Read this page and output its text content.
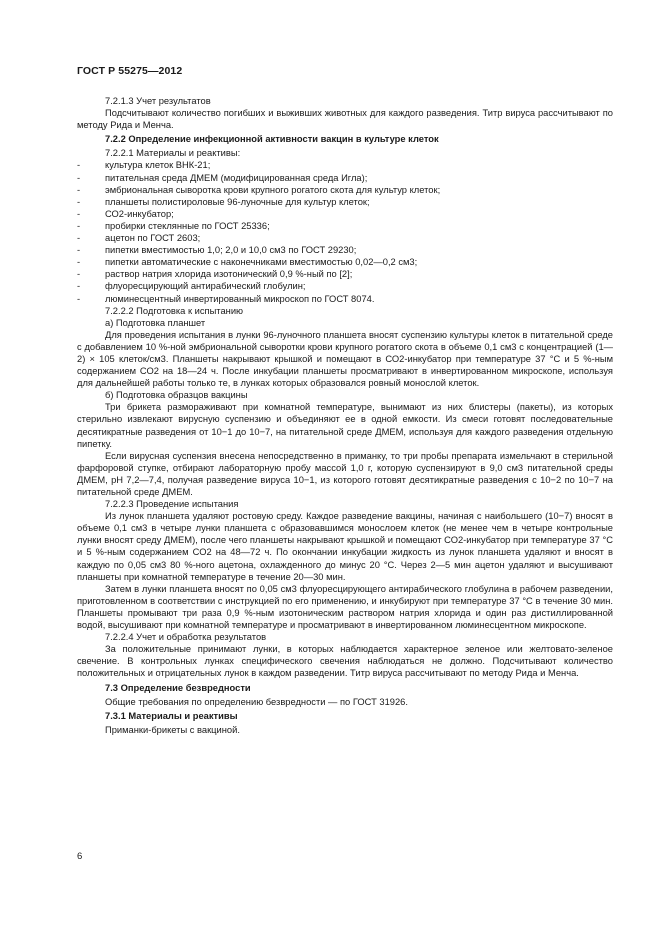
ГОСТ Р 55275—2012

7.2.1.3 Учет результатов

Подсчитывают количество погибших и выживших животных для каждого разведения. Титр вируса рассчитывают по методу Рида и Менча.

7.2.2 Определение инфекционной активности вакцин в культуре клеток

7.2.2.1 Материалы и реактивы:

-	культура клеток ВНК-21;

-	питательная среда ДМЕМ (модифицированная среда Игла);

-	эмбриональная сыворотка крови крупного рогатого скота для культур клеток;

-	планшеты полистироловые 96-луночные для культур клеток;

-	СО2-инкубатор;

-	пробирки стеклянные по ГОСТ 25336;

-	ацетон по ГОСТ 2603;

-	пипетки вместимостью 1,0; 2,0 и 10,0 см3 по ГОСТ 29230;

-	пипетки автоматические с наконечниками вместимостью 0,02—0,2 см3;

-	раствор натрия хлорида изотонический 0,9 %-ный по [2];

-	флуоресцирующий антирабический глобулин;

-	люминесцентный инвертированный микроскоп по ГОСТ 8074.

7.2.2.2 Подготовка к испытанию

а) Подготовка планшет

Для проведения испытания в лунки 96-луночного планшета вносят суспензию культуры клеток в питательной среде с добавлением 10 %-ной эмбриональной сыворотки крови крупного рогатого скота в объеме 0,1 см3 с концентрацией (1—2) × 105 клеток/см3. Планшеты накрывают крышкой и помещают в СО2-инкубатор при температуре 37 °С и 5 %-ным содержанием СО2 на 18—24 ч. После инкубации планшеты просматривают в инвертированном микроскопе, используя для дальнейшей работы только те, в лунках которых образовался ровный монослой клеток.

б) Подготовка образцов вакцины

Три брикета размораживают при комнатной температуре, вынимают из них блистеры (пакеты), из которых стерильно извлекают вирусную суспензию и объединяют ее в одной емкости. Из смеси готовят последовательные десятикратные разведения от 10−1 до 10−7, на питательной среде ДМЕМ, используя для каждого разведения отдельную пипетку.

Если вирусная суспензия внесена непосредственно в приманку, то три пробы препарата измельчают в стерильной фарфоровой ступке, отбирают лабораторную пробу массой 1,0 г, которую суспензируют в 9,0 см3 питательной среды ДМЕМ, рН 7,2—7,4, получая разведение вируса 10−1, из которого готовят десятикратные разведения с 10−2 по 10−7 на питательной среде ДМЕМ.

7.2.2.3 Проведение испытания

Из лунок планшета удаляют ростовую среду. Каждое разведение вакцины, начиная с наибольшего (10−7) вносят в объеме 0,1 см3 в четыре лунки планшета с образовавшимся монослоем клеток (не менее чем в четыре контрольные лунки вносят среду ДМЕМ), после чего планшеты накрывают крышкой и помещают СО2-инкубатор при температуре 37 °С и 5 %-ным содержанием СО2 на 48—72 ч. По окончании инкубации жидкость из лунок планшета удаляют и вносят в каждую по 0,05 см3 80 %-ного ацетона, охлажденного до минус 20 °С. Через 2—5 мин ацетон удаляют и высушивают планшеты при комнатной температуре в течение 20—30 мин.

Затем в лунки планшета вносят по 0,05 см3 флуоресцирующего антирабического глобулина в рабочем разведении, приготовленном в соответствии с инструкцией по его применению, и инкубируют при температуре 37 °С в течение 30 мин. Планшеты промывают три раза 0,9 %-ным изотоническим раствором натрия хлорида и один раз дистиллированной водой, высушивают при комнатной температуре и просматривают в инвертированном люминесцентном микроскопе.

7.2.2.4 Учет и обработка результатов

За положительные принимают лунки, в которых наблюдается характерное зеленое или желтовато-зеленое свечение. В контрольных лунках специфического свечения наблюдаться не должно. Подсчитывают количество положительных и отрицательных лунок в каждом разведении. Титр вируса рассчитывают по методу Рида и Менча.

7.3 Определение безвредности

Общие требования по определению безвредности — по ГОСТ 31926.

7.3.1 Материалы и реактивы

Приманки-брикеты с вакциной.

6
